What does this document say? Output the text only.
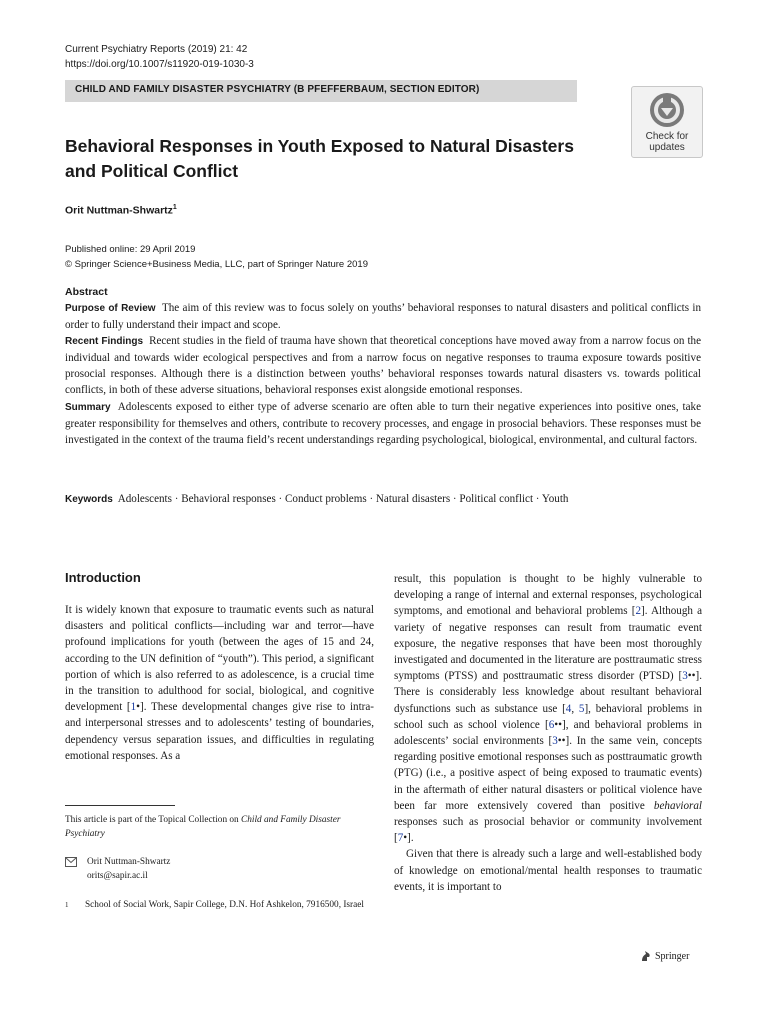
Current Psychiatry Reports (2019) 21: 42
https://doi.org/10.1007/s11920-019-1030-3
CHILD AND FAMILY DISASTER PSYCHIATRY (B PFEFFERBAUM, SECTION EDITOR)
Check for
updates
Behavioral Responses in Youth Exposed to Natural Disasters and Political Conflict
Orit Nuttman-Shwartz$^1$
Published online: 29 April 2019
© Springer Science+Business Media, LLC, part of Springer Nature 2019
Abstract

Purpose of Review The aim of this review was to focus solely on youths’ behavioral responses to natural disasters and political conflicts in order to fully understand their impact and scope.

Recent Findings Recent studies in the field of trauma have shown that theoretical conceptions have moved away from a narrow focus on the individual and towards wider ecological perspectives and from a narrow focus on negative responses to trauma exposure towards positive prosocial responses. Although there is a distinction between youths’ behavioral responses towards natural disasters vs. towards political conflicts, in both of these adverse situations, behavioral responses exist alongside emotional responses.

Summary Adolescents exposed to either type of adverse scenario are often able to turn their negative experiences into positive ones, take greater responsibility for themselves and others, contribute to recovery processes, and engage in prosocial behaviors. These responses must be investigated in the context of the trauma field’s recent understandings regarding psychological, biological, environmental, and cultural factors.

Keywords Adolescents · Behavioral responses · Conduct problems · Natural disasters · Political conflict · Youth
Introduction

It is widely known that exposure to traumatic events such as natural disasters and political conflicts—including war and terror—have profound implications for youth (between the ages of 15 and 24, according to the UN definition of “youth”). This period, a significant portion of which is also referred to as adolescence, is a crucial time in the transition to adulthood for social, biological, and cognitive development [1•]. These developmental changes give rise to intra- and interpersonal stresses and to adolescents’ testing of boundaries, dependency versus separation issues, and difficulties in regulating emotional responses. As a

result, this population is thought to be highly vulnerable to developing a range of internal and external responses, psychological symptoms, and emotional and behavioral problems [2]. Although a variety of negative responses can result from traumatic event exposure, the negative responses that have been most thoroughly investigated and documented in the literature are posttraumatic stress symptoms (PTSS) and posttraumatic stress disorder (PTSD) [3••]. There is considerably less knowledge about resultant behavioral dysfunctions such as substance use [4, 5], behavioral problems in school such as school violence [6••], and behavioral problems in adolescents’ social environments [3••]. In the same vein, concepts regarding positive emotional responses such as posttraumatic growth (PTG) (i.e., a positive aspect of being exposed to traumatic events) in the aftermath of either natural disasters or political violence have been far more extensively covered than positive behavioral responses such as prosocial behavior or community involvement [7•].

Given that there is already such a large and well-established body of knowledge on emotional/mental health responses to traumatic events, it is important to

This article is part of the Topical Collection on Child and Family Disaster Psychiatry
Orit Nuttman-Shwartz
orits@sapir.ac.il
1	School of Social Work, Sapir College, D.N. Hof Ashkelon, 7916500, Israel
Springer
